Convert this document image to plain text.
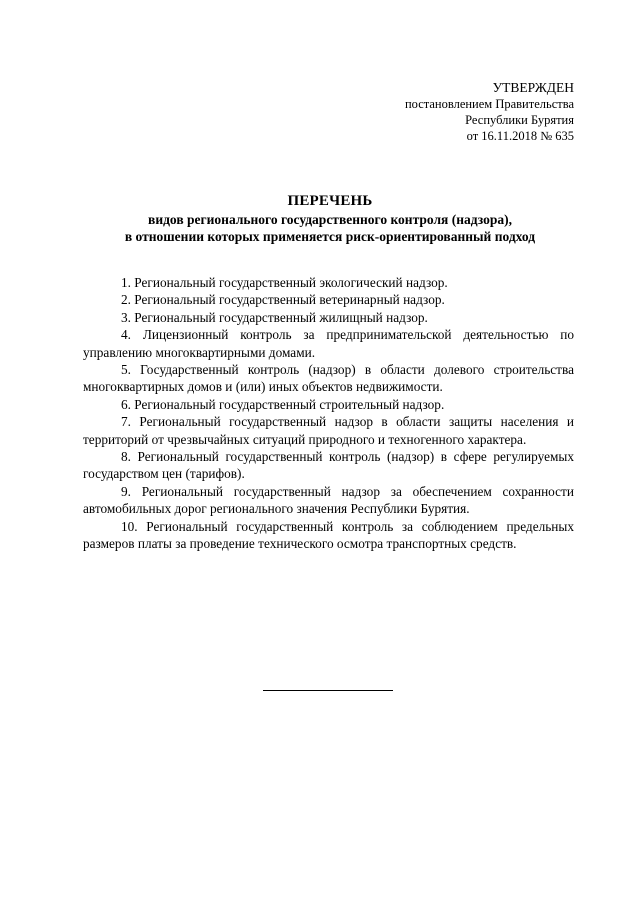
УТВЕРЖДЕН
постановлением Правительства
Республики Бурятия
от 16.11.2018 № 635
ПЕРЕЧЕНЬ
видов регионального государственного контроля (надзора),
в отношении которых применяется риск-ориентированный подход

1. Региональный государственный экологический надзор.

2. Региональный государственный ветеринарный надзор.

3. Региональный государственный жилищный надзор.

4. Лицензионный контроль за предпринимательской деятельностью по управлению многоквартирными домами.

5. Государственный контроль (надзор) в области долевого строительства многоквартирных домов и (или) иных объектов недвижимости.

6. Региональный государственный строительный надзор.

7. Региональный государственный надзор в области защиты населения и территорий от чрезвычайных ситуаций природного и техногенного характера.

8. Региональный государственный контроль (надзор) в сфере регулируемых государством цен (тарифов).

9. Региональный государственный надзор за обеспечением сохранности автомобильных дорог регионального значения Республики Бурятия.

10. Региональный государственный контроль за соблюдением предельных размеров платы за проведение технического осмотра транспортных средств.
